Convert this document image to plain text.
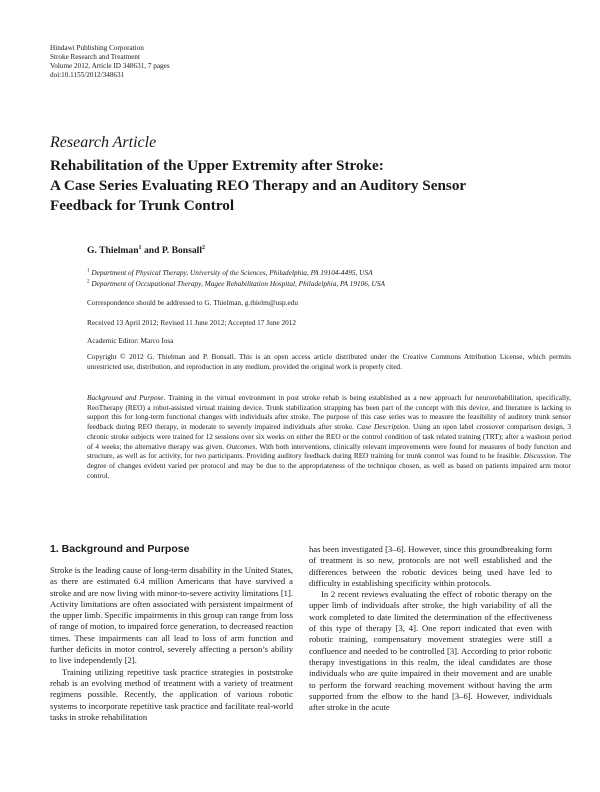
Hindawi Publishing Corporation
Stroke Research and Treatment
Volume 2012, Article ID 348631, 7 pages
doi:10.1155/2012/348631
Research Article
Rehabilitation of the Upper Extremity after Stroke:
A Case Series Evaluating REO Therapy and an Auditory Sensor
Feedback for Trunk Control
G. Thielman$^1$ and P. Bonsall$^2$
$^1$ Department of Physical Therapy, University of the Sciences, Philadelphia, PA 19104-4495, USA
$^2$ Department of Occupational Therapy, Magee Rehabilitation Hospital, Philadelphia, PA 19106, USA
Correspondence should be addressed to G. Thielman, g.thielm@usp.edu
Received 13 April 2012; Revised 11 June 2012; Accepted 17 June 2012
Academic Editor: Marco Iosa
Copyright © 2012 G. Thielman and P. Bonsall. This is an open access article distributed under the Creative Commons Attribution License, which permits unrestricted use, distribution, and reproduction in any medium, provided the original work is properly cited.
Background and Purpose. Training in the virtual environment in post stroke rehab is being established as a new approach for neurorehabilitation, specifically, ReoTherapy (REO) a robot-assisted virtual training device. Trunk stabilization strapping has been part of the concept with this device, and literature is lacking to support this for long-term functional changes with individuals after stroke. The purpose of this case series was to measure the feasibility of auditory trunk sensor feedback during REO therapy, in moderate to severely impaired individuals after stroke. Case Description. Using an open label crossover comparison design, 3 chronic stroke subjects were trained for 12 sessions over six weeks on either the REO or the control condition of task related training (TRT); after a washout period of 4 weeks; the alternative therapy was given. Outcomes. With both interventions, clinically relevant improvements were found for measures of body function and structure, as well as for activity, for two participants. Providing auditory feedback during REO training for trunk control was found to be feasible. Discussion. The degree of changes evident varied per protocol and may be due to the appropriateness of the technique chosen, as well as based on patients impaired arm motor control.
1. Background and Purpose

Stroke is the leading cause of long-term disability in the United States, as there are estimated 6.4 million Americans that have survived a stroke and are now living with minor-to-severe activity limitations [1]. Activity limitations are often associated with persistent impairment of the upper limb. Specific impairments in this group can range from loss of range of motion, to impaired force generation, to decreased reaction times. These impairments can all lead to loss of arm function and further deficits in motor control, severely affecting a person’s ability to live independently [2].

Training utilizing repetitive task practice strategies in poststroke rehab is an evolving method of treatment with a variety of treatment regimens possible. Recently, the application of various robotic systems to incorporate repetitive task practice and facilitate real-world tasks in stroke rehabilitation

has been investigated [3–6]. However, since this groundbreaking form of treatment is so new, protocols are not well established and the differences between the robotic devices being used have led to difficulty in establishing specificity within protocols.

In 2 recent reviews evaluating the effect of robotic therapy on the upper limb of individuals after stroke, the high variability of all the work completed to date limited the determination of the effectiveness of this type of therapy [3, 4]. One report indicated that even with robotic training, compensatory movement strategies were still a confluence and needed to be controlled [3]. According to prior robotic therapy investigations in this realm, the ideal candidates are those individuals who are quite impaired in their movement and are unable to perform the forward reaching movement without having the arm supported from the elbow to the hand [3–6]. However, individuals after stroke in the acute
